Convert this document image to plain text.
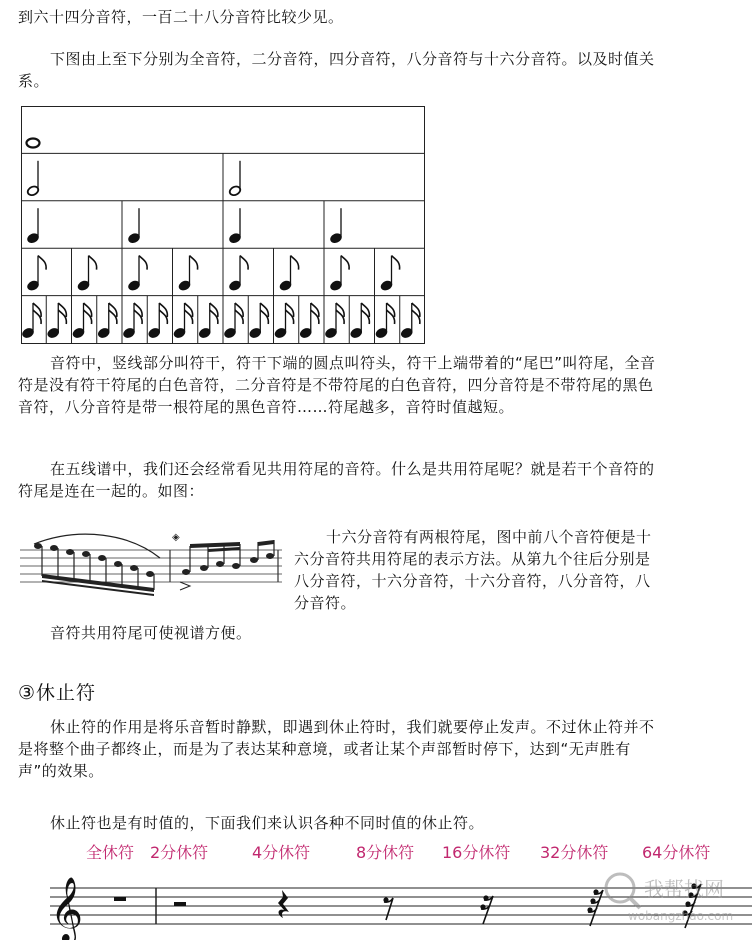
到六十四分音符，一百二十八分音符比较少见。

下图由上至下分别为全音符，二分音符，四分音符，八分音符与十六分音符。以及时值关系。

音符中，竖线部分叫符干，符干下端的圆点叫符头，符干上端带着的“尾巴”叫符尾，全音符是没有符干符尾的白色音符，二分音符是不带符尾的白色音符，四分音符是不带符尾的黑色音符，八分音符是带一根符尾的黑色音符……符尾越多，音符时值越短。

在五线谱中，我们还会经常看见共用符尾的音符。什么是共用符尾呢？就是若干个音符的符尾是连在一起的。如图：

◈	十六分音符有两根符尾，图中前八个音符便是十六分音符共用符尾的表示方法。从第九个往后分别是八分音符，十六分音符，十六分音符，八分音符，八分音符。

音符共用符尾可使视谱方便。

③休止符

休止符的作用是将乐音暂时静默，即遇到休止符时，我们就要停止发声。不过休止符并不是将整个曲子都终止，而是为了表达某种意境，或者让某个声部暂时停下，达到“无声胜有声”的效果。

休止符也是有时值的，下面我们来认识各种不同时值的休止符。

全休符 2分休符	4分休符	8分休符 16分休符 32分休符 64分休符
𝄞	我帮找网
wobangzhao.com
